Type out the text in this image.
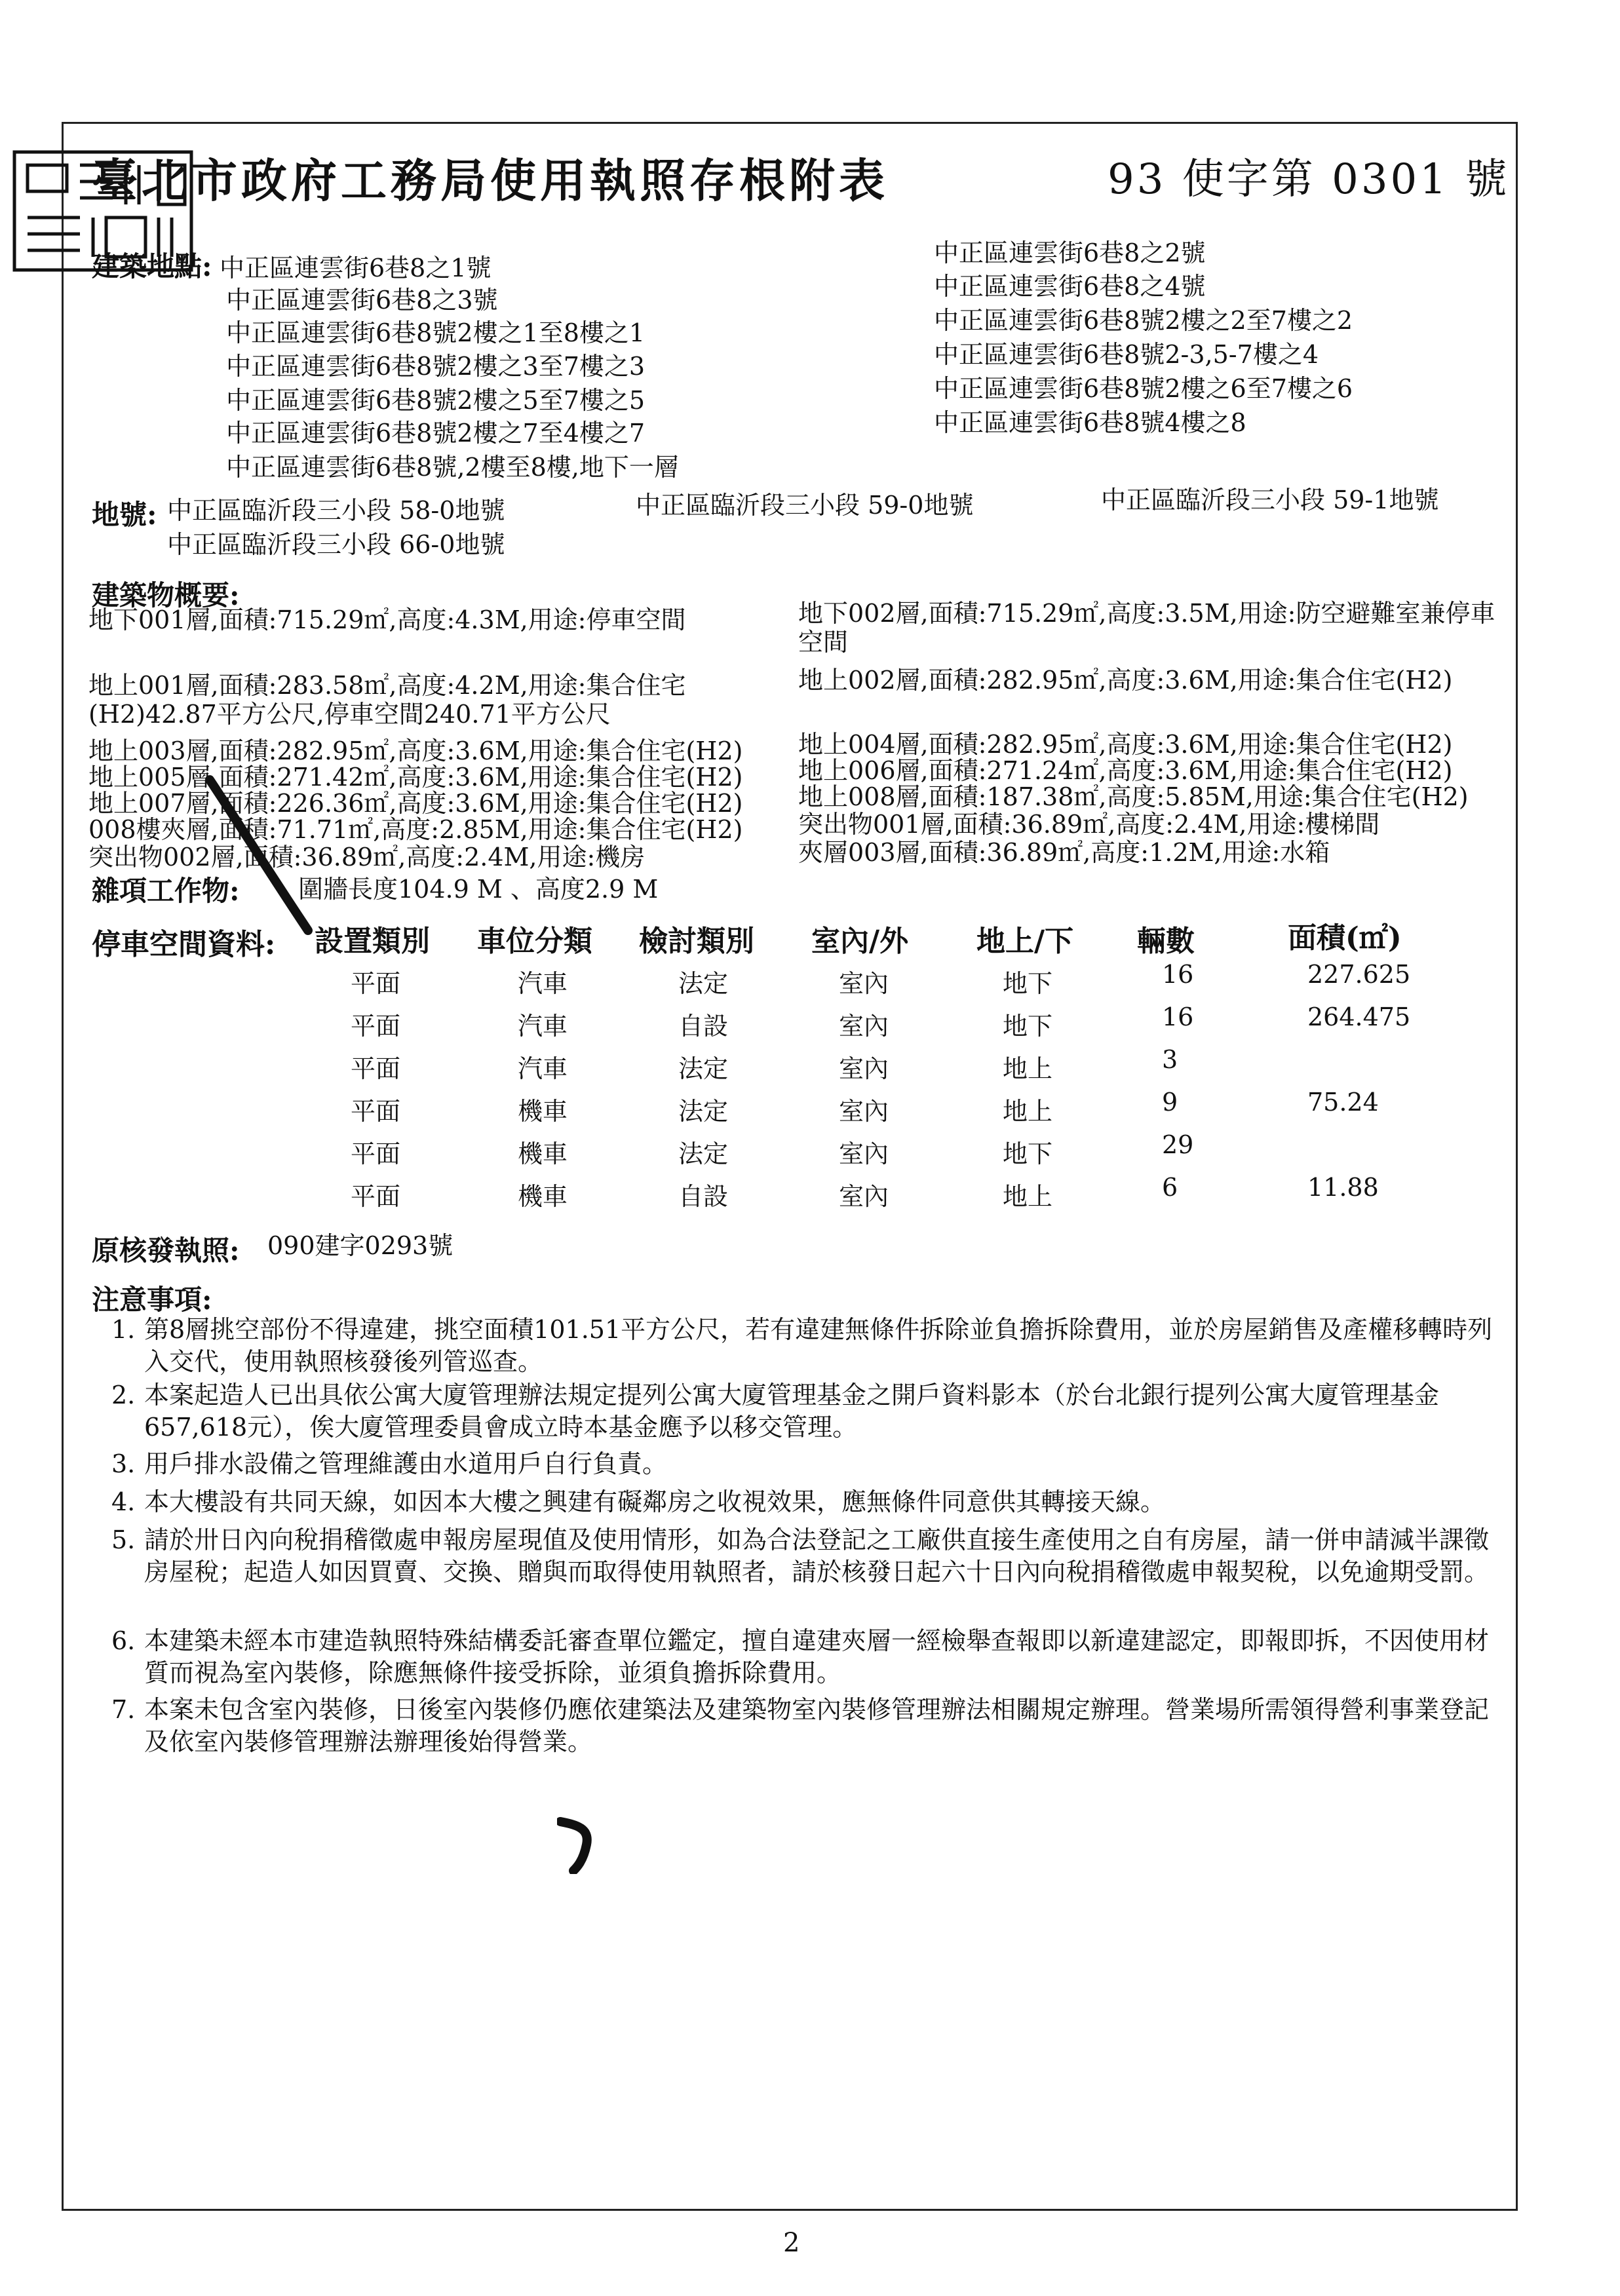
臺北市政府工務局使用執照存根附表	93 使字第 0301 號
建築地點: 中正區連雲街6巷8之1號
中正區連雲街6巷8之3號
中正區連雲街6巷8號2樓之1至8樓之1
中正區連雲街6巷8號2樓之3至7樓之3
中正區連雲街6巷8號2樓之5至7樓之5
中正區連雲街6巷8號2樓之7至4樓之7
中正區連雲街6巷8號,2樓至8樓,地下一層
中正區連雲街6巷8之2號
中正區連雲街6巷8之4號
中正區連雲街6巷8號2樓之2至7樓之2
中正區連雲街6巷8號2-3,5-7樓之4
中正區連雲街6巷8號2樓之6至7樓之6
中正區連雲街6巷8號4樓之8
地號: 中正區臨沂段三小段 58-0地號	中正區臨沂段三小段 59-0地號	中正區臨沂段三小段 59-1地號
中正區臨沂段三小段 66-0地號
建築物概要:
地下001層,面積:715.29㎡,高度:4.3M,用途:停車空間	地下002層,面積:715.29㎡,高度:3.5M,用途:防空避難室兼停車空間
地上001層,面積:283.58㎡,高度:4.2M,用途:集合住宅(H2)42.87平方公尺,停車空間240.71平方公尺
地上002層,面積:282.95㎡,高度:3.6M,用途:集合住宅(H2)
地上003層,面積:282.95㎡,高度:3.6M,用途:集合住宅(H2) 地上004層,面積:282.95㎡,高度:3.6M,用途:集合住宅(H2)
地上005層,面積:271.42㎡,高度:3.6M,用途:集合住宅(H2) 地上006層,面積:271.24㎡,高度:3.6M,用途:集合住宅(H2)
地上007層,面積:226.36㎡,高度:3.6M,用途:集合住宅(H2) 地上008層,面積:187.38㎡,高度:5.85M,用途:集合住宅(H2)
008樓夾層,面積:71.71㎡,高度:2.85M,用途:集合住宅(H2) 突出物001層,面積:36.89㎡,高度:2.4M,用途:樓梯間
突出物002層,面積:36.89㎡,高度:2.4M,用途:機房	夾層003層,面積:36.89㎡,高度:1.2M,用途:水箱
雜項工作物: 圍牆長度104.9 M 、高度2.9 M
停車空間資料: 設置類別 車位分類 檢討類別 室內/外 地上/下 輛數	面積(㎡)
平面	汽車	法定	室內	地下	16	227.625
平面	汽車	自設	室內	地下	16	264.475
平面	汽車	法定	室內	地上	3
平面	機車	法定	室內	地上	9	75.24
平面	機車	法定	室內	地下	29
平面	機車	自設	室內	地上	6	11.88
原核發執照: 090建字0293號
注意事項:
1. 第8層挑空部份不得違建，挑空面積101.51平方公尺，若有違建無條件拆除並負擔拆除費用，並於房屋銷售及產權移轉時列入交代，使用執照核發後列管巡查。
2. 本案起造人已出具依公寓大廈管理辦法規定提列公寓大廈管理基金之開戶資料影本（於台北銀行提列公寓大廈管理基金657,618元），俟大廈管理委員會成立時本基金應予以移交管理。
3. 用戶排水設備之管理維護由水道用戶自行負責。
4. 本大樓設有共同天線，如因本大樓之興建有礙鄰房之收視效果，應無條件同意供其轉接天線。
5. 請於卅日內向稅捐稽徵處申報房屋現值及使用情形，如為合法登記之工廠供直接生產使用之自有房屋，請一併申請減半課徵房屋稅；起造人如因買賣、交換、贈與而取得使用執照者，請於核發日起六十日內向稅捐稽徵處申報契稅，以免逾期受罰。
6. 本建築未經本市建造執照特殊結構委託審查單位鑑定，擅自違建夾層一經檢舉查報即以新違建認定，即報即拆，不因使用材質而視為室內裝修，除應無條件接受拆除，並須負擔拆除費用。
7. 本案未包含室內裝修，日後室內裝修仍應依建築法及建築物室內裝修管理辦法相關規定辦理。營業場所需領得營利事業登記及依室內裝修管理辦法辦理後始得營業。
2
